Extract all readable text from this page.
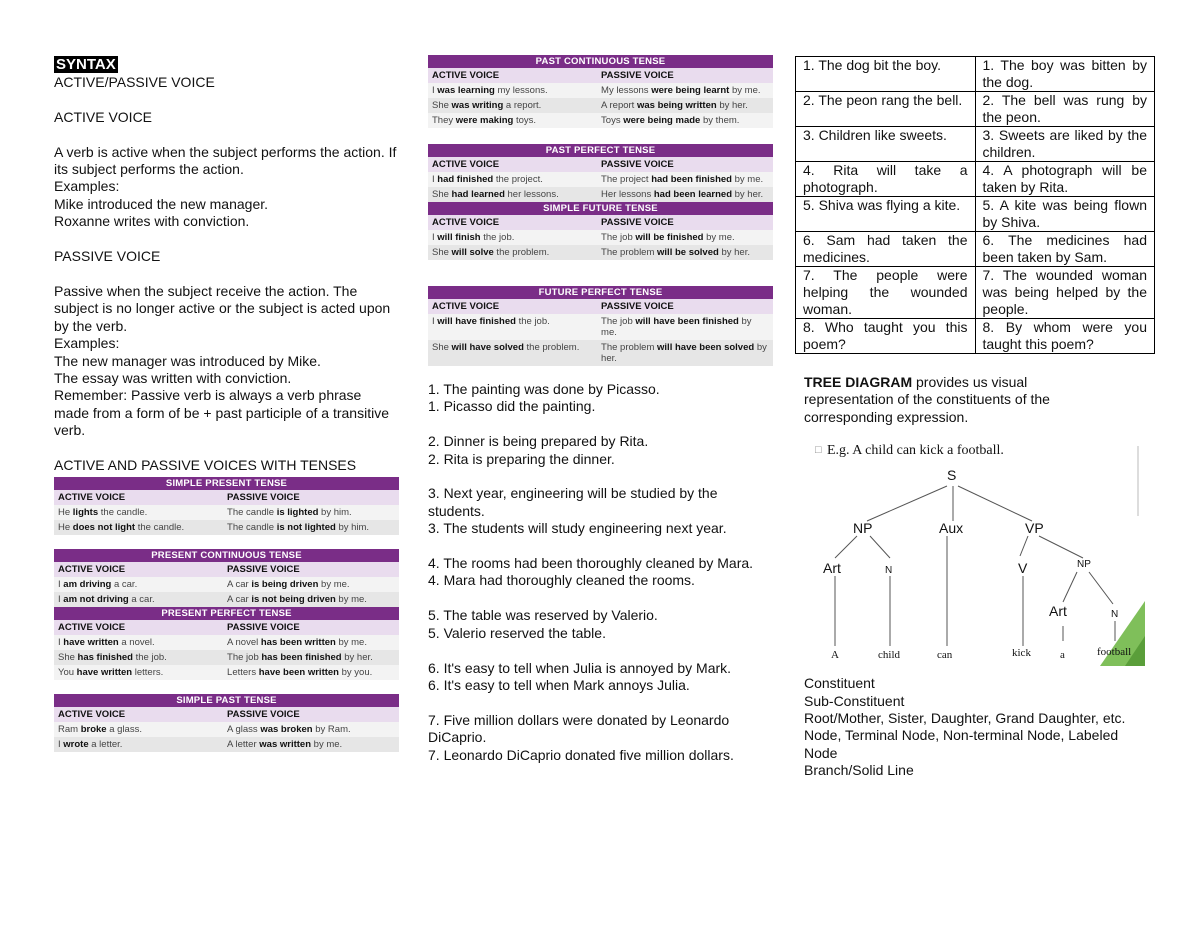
SYNTAX
ACTIVE/PASSIVE VOICE

ACTIVE VOICE

A verb is active when the subject performs the action. If its subject performs the action.
Examples:
Mike introduced the new manager.
Roxanne writes with conviction.

PASSIVE VOICE

Passive when the subject receive the action. The subject is no longer active or the subject is acted upon by the verb.
Examples:
The new manager was introduced by Mike.
The essay was written with conviction.
Remember: Passive verb is always a verb phrase made from a form of be + past participle of a transitive verb.

ACTIVE AND PASSIVE VOICES WITH TENSES
SIMPLE PRESENT TENSE	
ACTIVE VOICE	PASSIVE VOICE
He lights the candle.	The candle is lighted by him.
He does not light the candle.	The candle is not lighted by him.
PRESENT CONTINUOUS TENSE	
ACTIVE VOICE	PASSIVE VOICE
I am driving a car.	A car is being driven by me.
I am not driving a car.	A car is not being driven by me.
PRESENT PERFECT TENSE	
ACTIVE VOICE	PASSIVE VOICE
I have written a novel.	A novel has been written by me.
She has finished the job.	The job has been finished by her.
You have written letters.	Letters have been written by you.
SIMPLE PAST TENSE	
ACTIVE VOICE	PASSIVE VOICE
Ram broke a glass.	A glass was broken by Ram.
I wrote a letter.	A letter was written by me.
PAST CONTINUOUS TENSE	
ACTIVE VOICE	PASSIVE VOICE
I was learning my lessons.	My lessons were being learnt by me.
She was writing a report.	A report was being written by her.
They were making toys.	Toys were being made by them.
PAST PERFECT TENSE	
ACTIVE VOICE	PASSIVE VOICE
I had finished the project.	The project had been finished by me.
She had learned her lessons.	Her lessons had been learned by her.
SIMPLE FUTURE TENSE	
ACTIVE VOICE	PASSIVE VOICE
I will finish the job.	The job will be finished by me.
She will solve the problem.	The problem will be solved by her.
FUTURE PERFECT TENSE	
ACTIVE VOICE	PASSIVE VOICE
I will have finished the job.	The job will have been finished by me.
She will have solved the problem.	The problem will have been solved by her.
1. The painting was done by Picasso.
1. Picasso did the painting.

2. Dinner is being prepared by Rita.
2. Rita is preparing the dinner.

3. Next year, engineering will be studied by the students.
3. The students will study engineering next year.

4. The rooms had been thoroughly cleaned by Mara.
4. Mara had thoroughly cleaned the rooms.

5. The table was reserved by Valerio.
5. Valerio reserved the table.

6. It's easy to tell when Julia is annoyed by Mark.
6. It's easy to tell when Mark annoys Julia.

7. Five million dollars were donated by Leonardo DiCaprio.
7. Leonardo DiCaprio donated five million dollars.
1. The dog bit the boy.	1. The boy was bitten by the dog.
2. The peon rang the bell.	2. The bell was rung by the peon.
3. Children like sweets.	3. Sweets are liked by the children.
4. Rita will take a photograph.	4. A photograph will be taken by Rita.
5. Shiva was flying a kite.	5. A kite was being flown by Shiva.
6. Sam had taken the medicines.	6. The medicines had been taken by Sam.
7. The people were helping the wounded woman.	7. The wounded woman was being helped by the people.
8. Who taught you this poem?	8. By whom were you taught this poem?
TREE DIAGRAM provides us visual representation of the constituents of the corresponding expression.
□ E.g. A child can kick a football.
S
NP	Aux	VP
Art	N	V	NP
Art	N
A	child	can	kick	a	football
Constituent
Sub-Constituent
Root/Mother, Sister, Daughter, Grand Daughter, etc.
Node, Terminal Node, Non-terminal Node, Labeled Node
Branch/Solid Line
